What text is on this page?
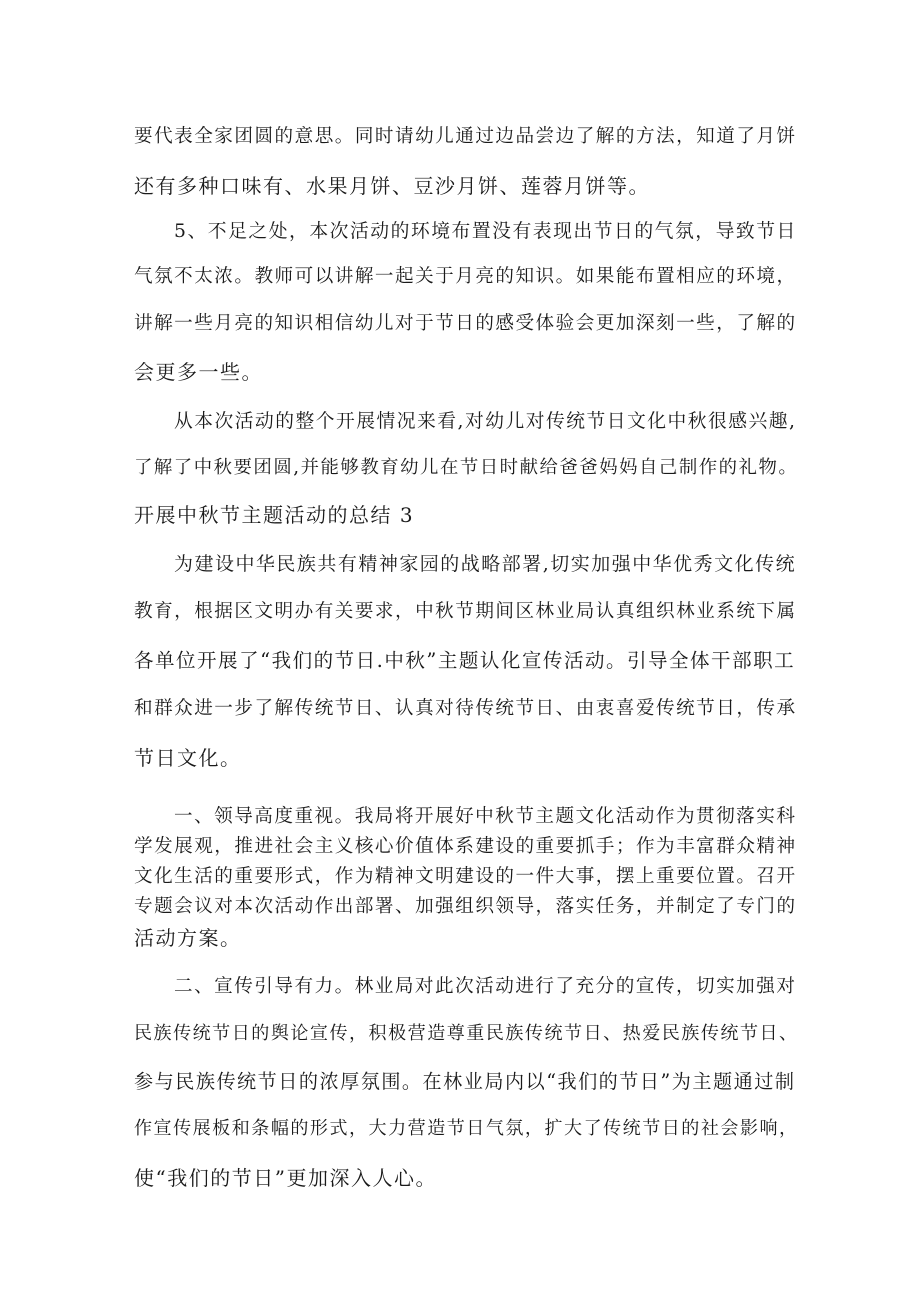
要代表全家团圆的意思。同时请幼儿通过边品尝边了解的方法，知道了月饼
还有多种口味有、水果月饼、豆沙月饼、莲蓉月饼等。
5、不足之处，本次活动的环境布置没有表现出节日的气氛，导致节日
气氛不太浓。教师可以讲解一起关于月亮的知识。如果能布置相应的环境，
讲解一些月亮的知识相信幼儿对于节日的感受体验会更加深刻一些，了解的
会更多一些。
从本次活动的整个开展情况来看,对幼儿对传统节日文化中秋很感兴趣,
了解了中秋要团圆,并能够教育幼儿在节日时献给爸爸妈妈自己制作的礼物。
开展中秋节主题活动的总结 3
为建设中华民族共有精神家园的战略部署,切实加强中华优秀文化传统
教育，根据区文明办有关要求，中秋节期间区林业局认真组织林业系统下属
各单位开展了“我们的节日.中秋”主题认化宣传活动。引导全体干部职工
和群众进一步了解传统节日、认真对待传统节日、由衷喜爱传统节日，传承
节日文化。
一、领导高度重视。我局将开展好中秋节主题文化活动作为贯彻落实科
学发展观，推进社会主义核心价值体系建设的重要抓手；作为丰富群众精神
文化生活的重要形式，作为精神文明建设的一件大事，摆上重要位置。召开
专题会议对本次活动作出部署、加强组织领导，落实任务，并制定了专门的
活动方案。
二、宣传引导有力。林业局对此次活动进行了充分的宣传，切实加强对
民族传统节日的舆论宣传，积极营造尊重民族传统节日、热爱民族传统节日、
参与民族传统节日的浓厚氛围。在林业局内以“我们的节日”为主题通过制
作宣传展板和条幅的形式，大力营造节日气氛，扩大了传统节日的社会影响，
使“我们的节日”更加深入人心。
